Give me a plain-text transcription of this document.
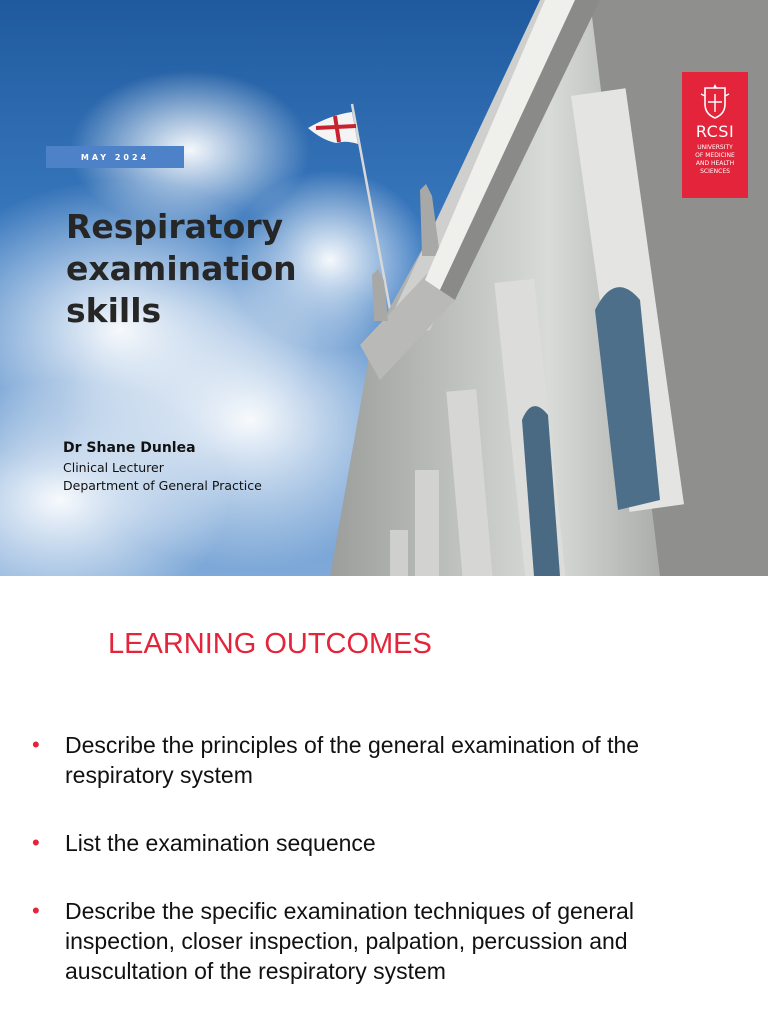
MAY 2024
Respiratory examination skills

Dr Shane Dunlea

Clinical Lecturer

Department of General Practice

RCSI
UNIVERSITY
OF MEDICINE
AND HEALTH
SCIENCES
LEARNING OUTCOMES
• Describe the principles of the general examination of the respiratory system
• List the examination sequence
• Describe the specific examination techniques of general inspection, closer inspection, palpation, percussion and auscultation of the respiratory system
